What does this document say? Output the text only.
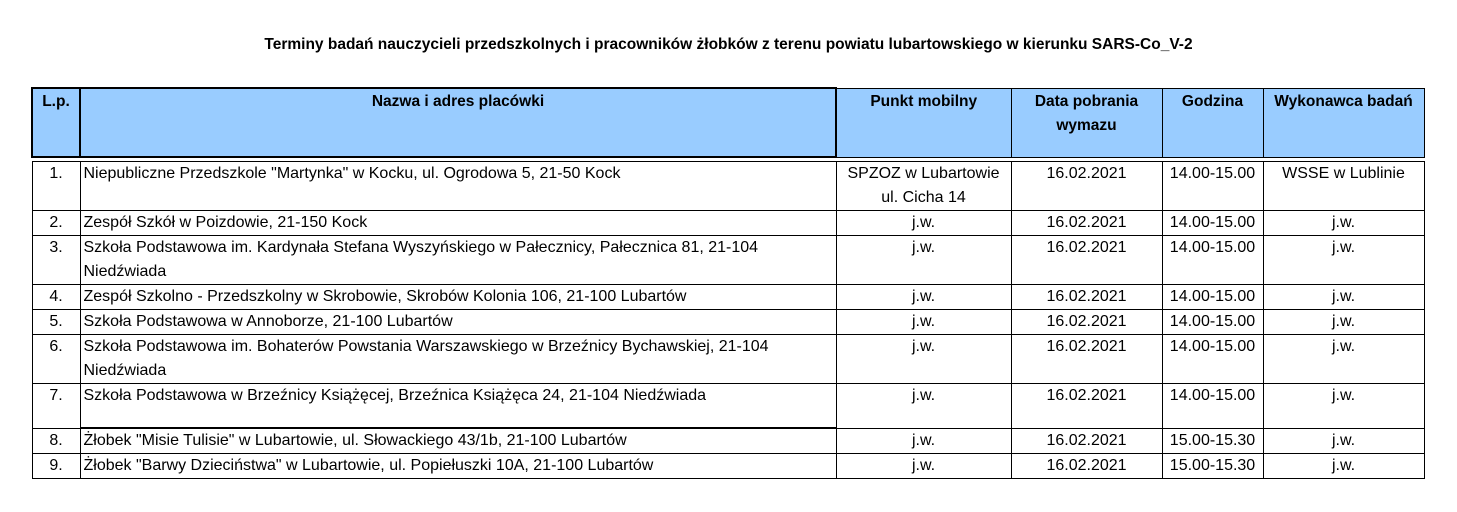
Terminy badań nauczycieli przedszkolnych i pracowników żłobków z terenu powiatu lubartowskiego w kierunku SARS-Co_V-2
L.p.	Nazwa i adres placówki	Punkt mobilny	Data pobrania wymazu	Godzina	Wykonawca badań

1.	Niepubliczne Przedszkole "Martynka" w Kocku, ul. Ogrodowa 5, 21-50 Kock	SPZOZ w Lubartowie ul. Cicha 14	16.02.2021	14.00-15.00	WSSE w Lublinie
2.	Zespół Szkół w Poizdowie, 21-150 Kock	j.w.	16.02.2021	14.00-15.00	j.w.
3.	Szkoła Podstawowa im. Kardynała Stefana Wyszyńskiego w Pałecznicy, Pałecznica 81, 21-104 Niedźwiada	j.w.	16.02.2021	14.00-15.00	j.w.
4.	Zespół Szkolno - Przedszkolny w Skrobowie, Skrobów Kolonia 106, 21-100 Lubartów	j.w.	16.02.2021	14.00-15.00	j.w.
5.	Szkoła Podstawowa w Annoborze, 21-100 Lubartów	j.w.	16.02.2021	14.00-15.00	j.w.
6.	Szkoła Podstawowa im. Bohaterów Powstania Warszawskiego w Brzeźnicy Bychawskiej, 21-104 Niedźwiada	j.w.	16.02.2021	14.00-15.00	j.w.
7.	Szkoła Podstawowa w Brzeźnicy Książęcej, Brzeźnica Książęca 24, 21-104 Niedźwiada	j.w.	16.02.2021	14.00-15.00	j.w.
8.	Żłobek "Misie Tulisie" w Lubartowie, ul. Słowackiego 43/1b, 21-100 Lubartów	j.w.	16.02.2021	15.00-15.30	j.w.
9.	Żłobek "Barwy Dzieciństwa" w Lubartowie, ul. Popiełuszki 10A, 21-100 Lubartów	j.w.	16.02.2021	15.00-15.30	j.w.
